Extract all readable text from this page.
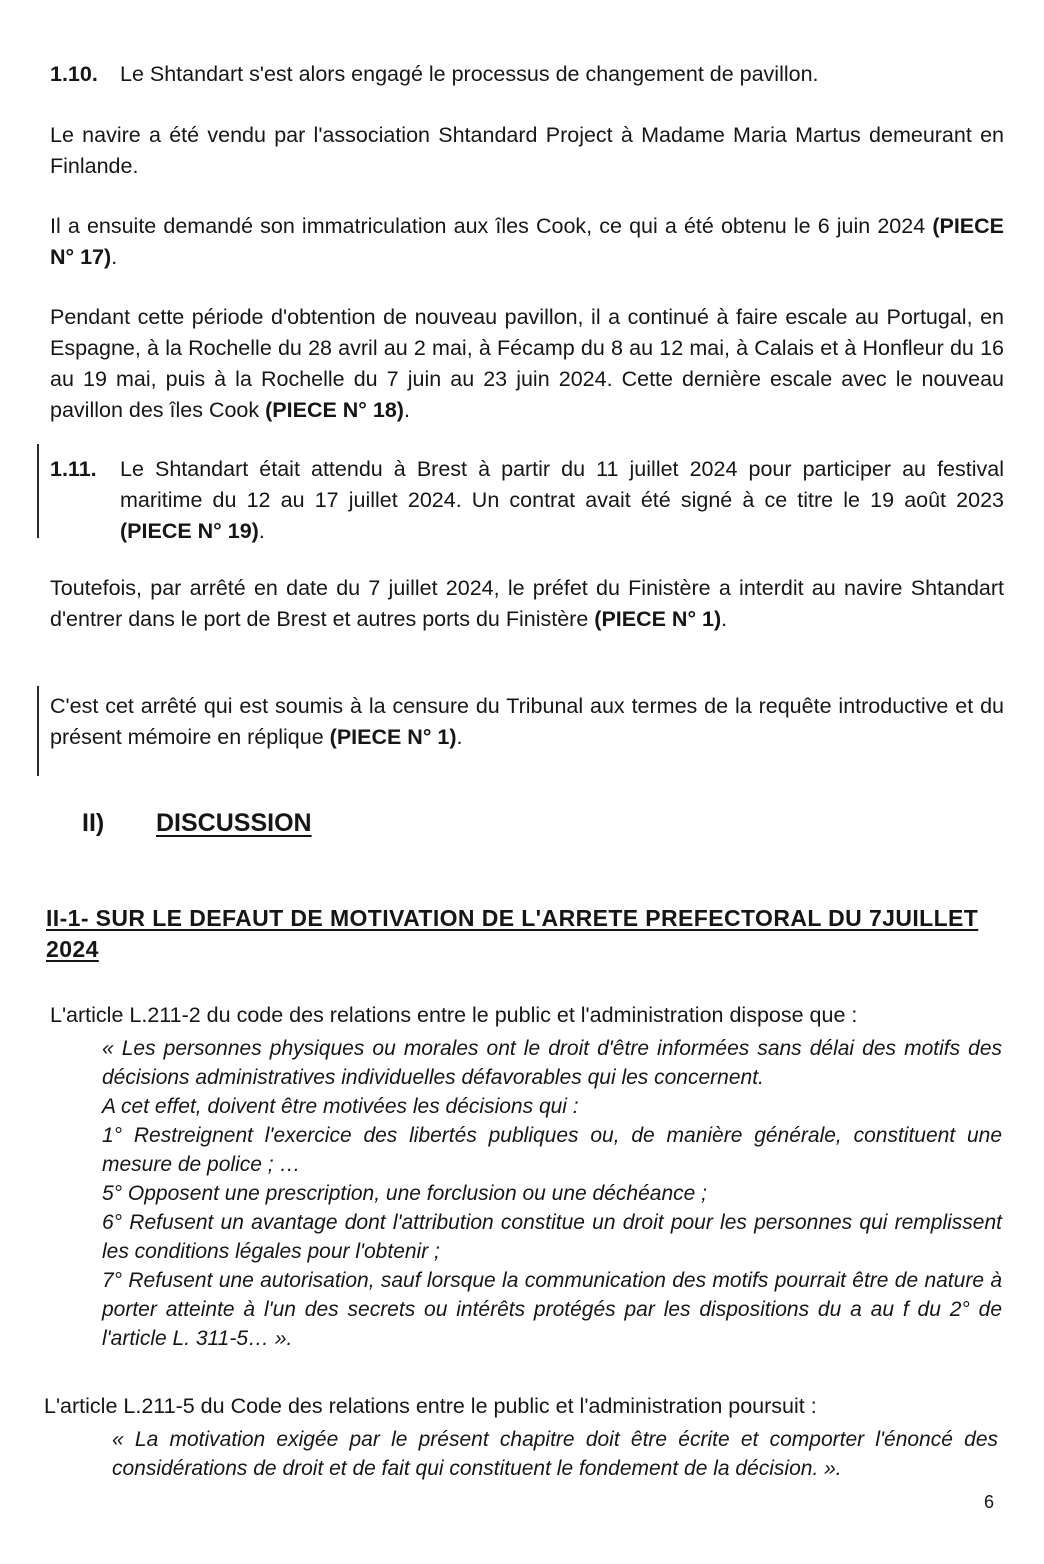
1.10.	Le Shtandart s'est alors engagé le processus de changement de pavillon.

Le navire a été vendu par l'association Shtandard Project à Madame Maria Martus demeurant en Finlande.

Il a ensuite demandé son immatriculation aux îles Cook, ce qui a été obtenu le 6 juin 2024 (PIECE N° 17).

Pendant cette période d'obtention de nouveau pavillon, il a continué à faire escale au Portugal, en Espagne, à la Rochelle du 28 avril au 2 mai, à Fécamp du 8 au 12 mai, à Calais et à Honfleur du 16 au 19 mai, puis à la Rochelle du 7 juin au 23 juin 2024. Cette dernière escale avec le nouveau pavillon des îles Cook (PIECE N° 18).

1.11.	Le Shtandart était attendu à Brest à partir du 11 juillet 2024 pour participer au festival maritime du 12 au 17 juillet 2024. Un contrat avait été signé à ce titre le 19 août 2023 (PIECE N° 19).

Toutefois, par arrêté en date du 7 juillet 2024, le préfet du Finistère a interdit au navire Shtandart d'entrer dans le port de Brest et autres ports du Finistère (PIECE N° 1).

C'est cet arrêté qui est soumis à la censure du Tribunal aux termes de la requête introductive et du présent mémoire en réplique (PIECE N° 1).

II) DISCUSSION
II-1- SUR LE DEFAUT DE MOTIVATION DE L'ARRETE PREFECTORAL DU 7JUILLET 2024

L'article L.211-2 du code des relations entre le public et l'administration dispose que :

« Les personnes physiques ou morales ont le droit d'être informées sans délai des motifs des décisions administratives individuelles défavorables qui les concernent.

A cet effet, doivent être motivées les décisions qui :

1° Restreignent l'exercice des libertés publiques ou, de manière générale, constituent une mesure de police ; …

5° Opposent une prescription, une forclusion ou une déchéance ;

6° Refusent un avantage dont l'attribution constitue un droit pour les personnes qui remplissent les conditions légales pour l'obtenir ;

7° Refusent une autorisation, sauf lorsque la communication des motifs pourrait être de nature à porter atteinte à l'un des secrets ou intérêts protégés par les dispositions du a au f du 2° de l'article L. 311-5… ».

L'article L.211-5 du Code des relations entre le public et l'administration poursuit :

« La motivation exigée par le présent chapitre doit être écrite et comporter l'énoncé des considérations de droit et de fait qui constituent le fondement de la décision. ».

6
